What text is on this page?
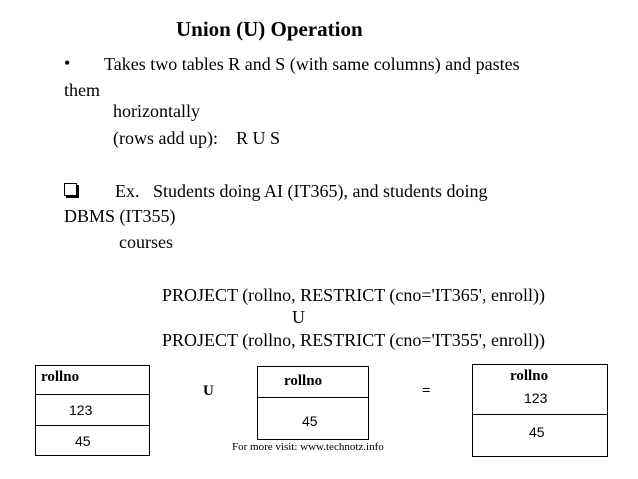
Union (U) Operation
• Takes two tables R and S (with same columns) and pastes
them
horizontally
(rows add up):    R U S
Ex.   Students doing AI (IT365), and students doing
DBMS (IT355)
courses
PROJECT (rollno, RESTRICT (cno='IT365', enroll))
U
PROJECT (rollno, RESTRICT (cno='IT355', enroll))
rollno
123
45
U
rollno
45
=
rollno
123
45
For more visit: www.technotz.info
